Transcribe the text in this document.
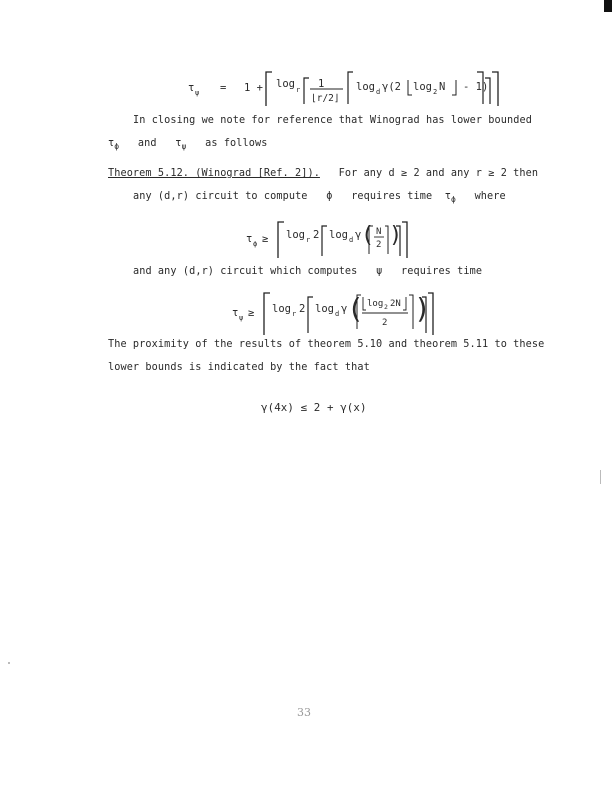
τ ψ = 1 + log r 1
⌊r/2⌋
log d γ(2 log 2 N - 1)
In closing we note for reference that Winograd has lower bounded
$\tau_\phi$ and $\tau_\psi$ as follows
Theorem 5.12. (Winograd [Ref. 2]). For any d ≥ 2 and any r ≥ 2 then
any (d,r) circuit to compute ϕ requires time $\tau_\phi$ where
τ ϕ ≥ log r 2 log d γ ( N
2 )
and any (d,r) circuit which computes ψ requires time
τ ψ ≥ log r 2 log d γ ( log 2 2N
2 )
The proximity of the results of theorem 5.10 and theorem 5.11 to these
lower bounds is indicated by the fact that
γ(4x) ≤ 2 + γ(x)
33
